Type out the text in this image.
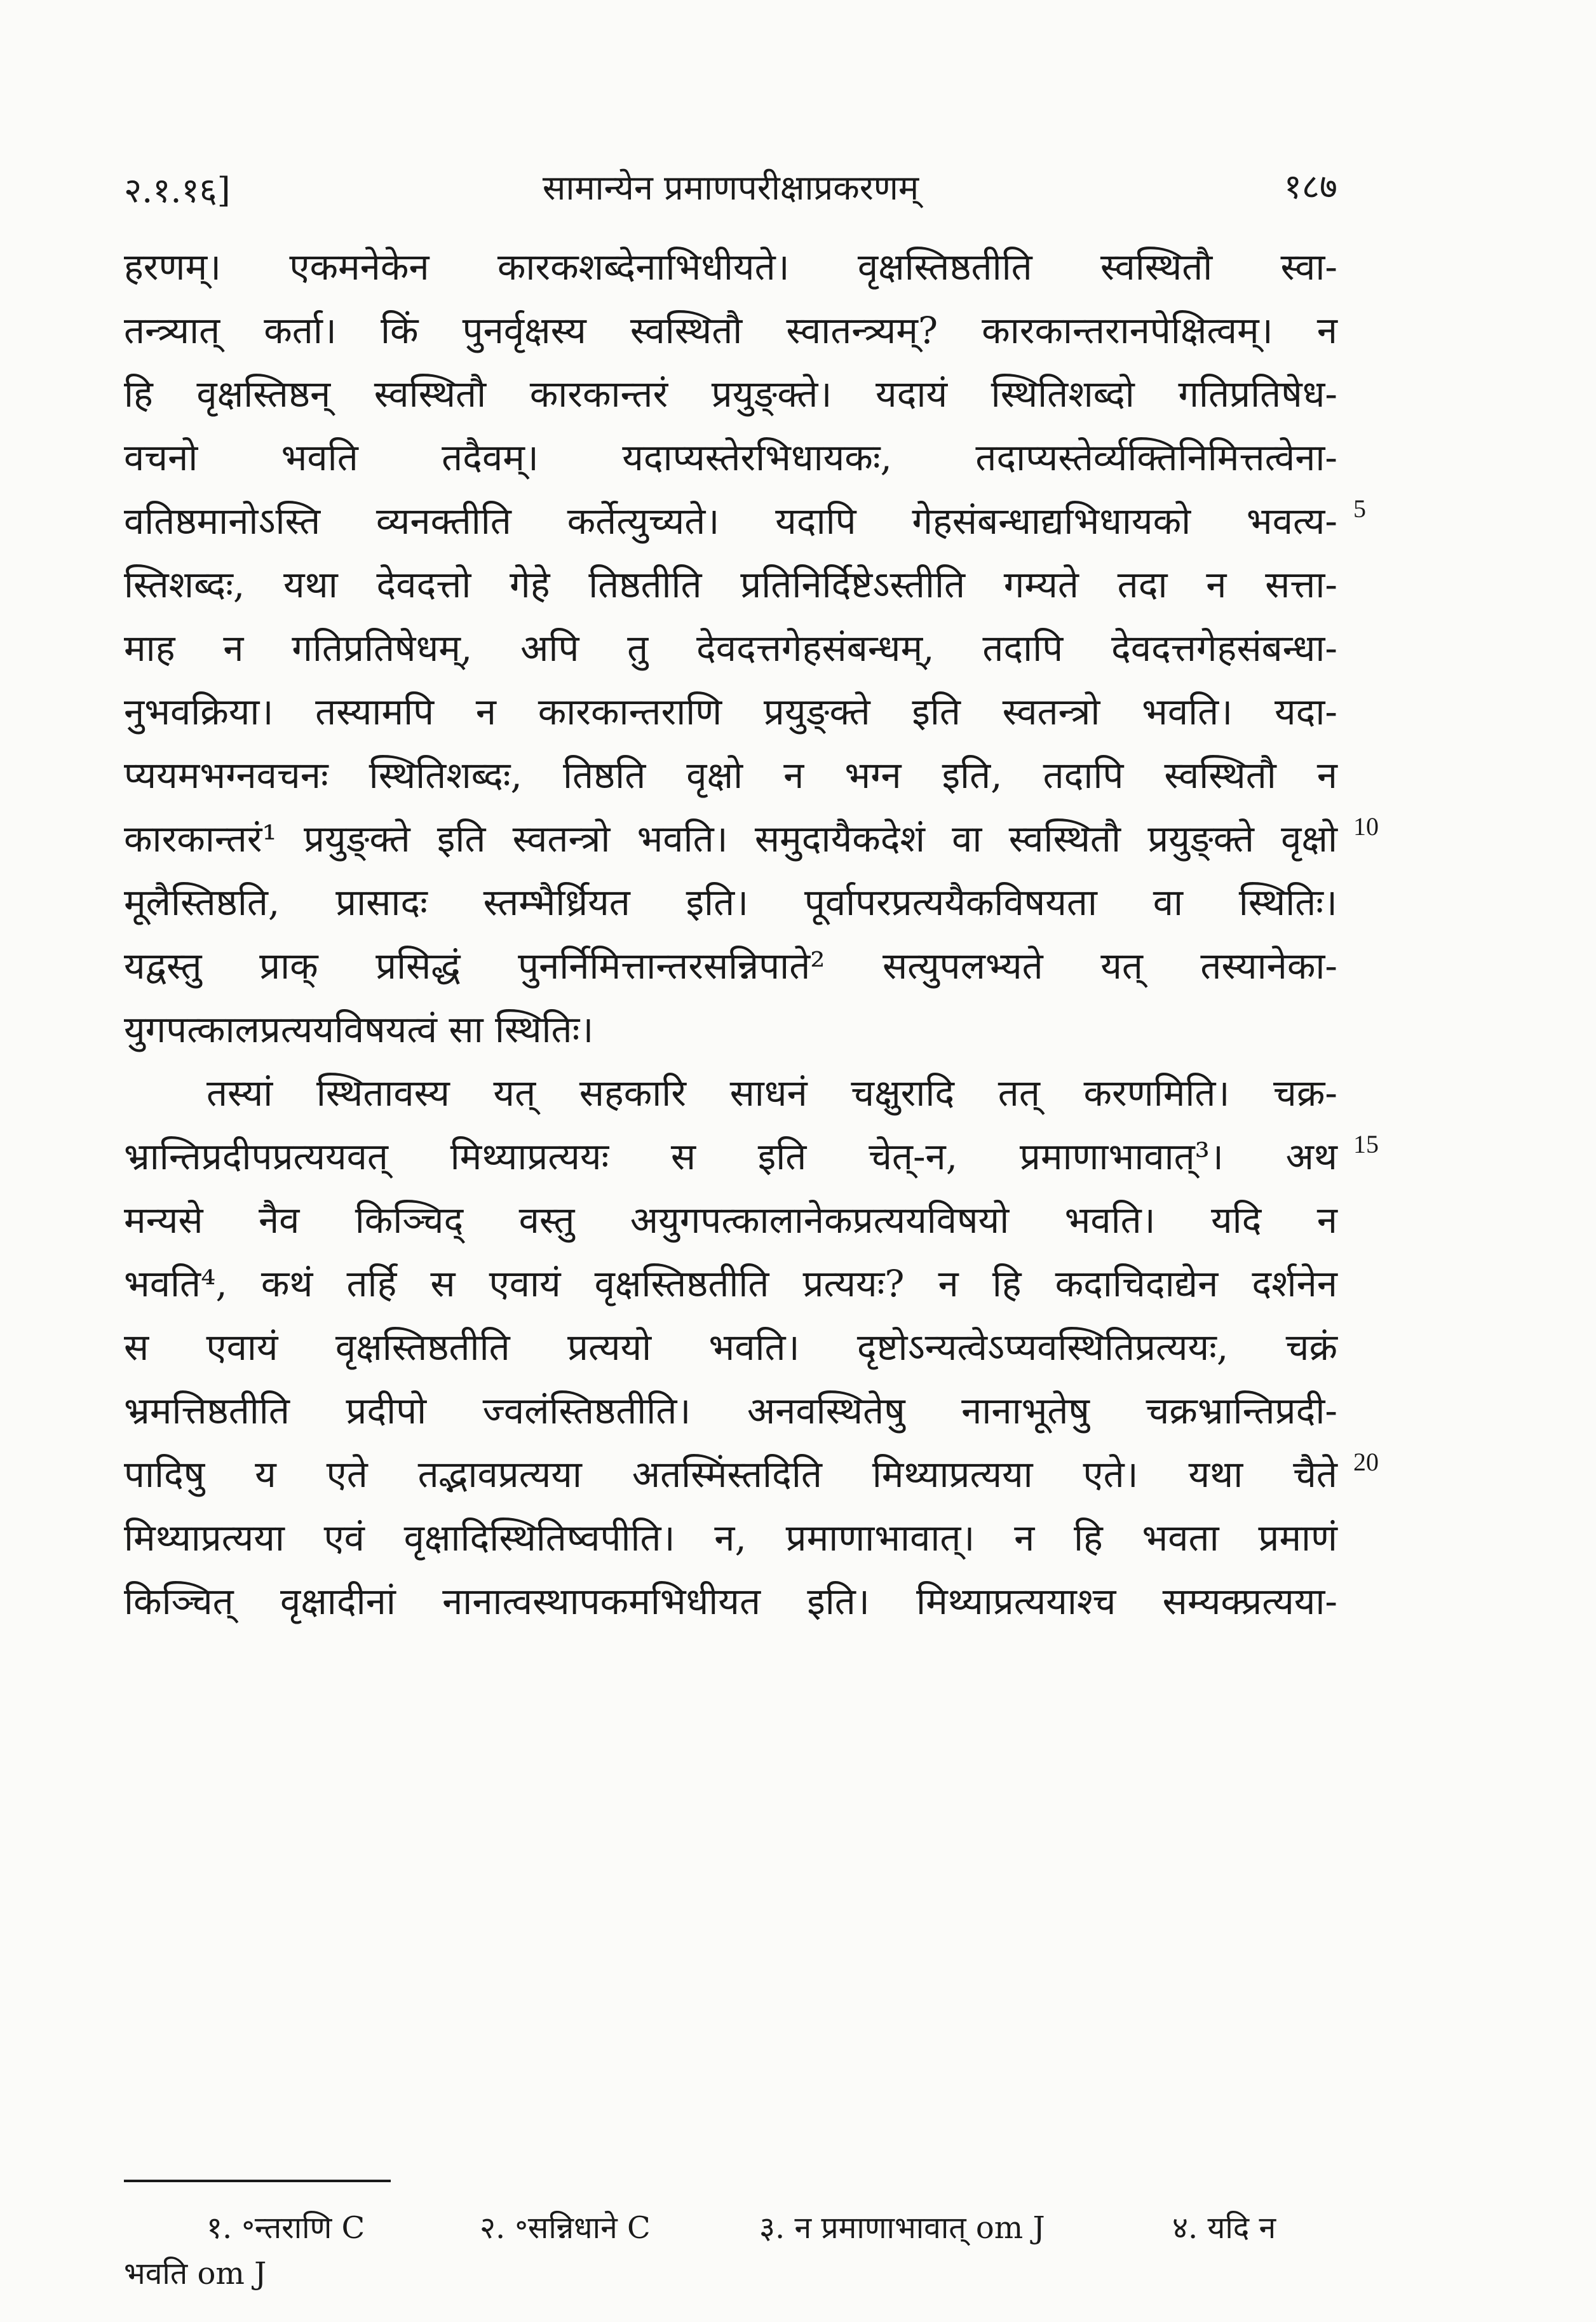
२.१.१६]	सामान्येन प्रमाणपरीक्षाप्रकरणम्	१८७
हरणम्। एकमनेकेन कारकशब्देनाभिधीयते। वृक्षस्तिष्ठतीति स्वस्थितौ स्वा-
तन्त्र्यात् कर्ता। किं पुनर्वृक्षस्य स्वस्थितौ स्वातन्त्र्यम्? कारकान्तरानपेक्षित्वम्। न
हि वृक्षस्तिष्ठन् स्वस्थितौ कारकान्तरं प्रयुङ्क्ते। यदायं स्थितिशब्दो गतिप्रतिषेध-
वचनो भवति तदैवम्। यदाप्यस्तेरभिधायकः, तदाप्यस्तेर्व्यक्तिनिमित्तत्वेना-
वतिष्ठमानोऽस्ति व्यनक्तीति कर्तेत्युच्यते। यदापि गेहसंबन्धाद्यभिधायको भवत्य-
स्तिशब्दः, यथा देवदत्तो गेहे तिष्ठतीति प्रतिनिर्दिष्टेऽस्तीति गम्यते तदा न सत्ता-
माह न गतिप्रतिषेधम्, अपि तु देवदत्तगेहसंबन्धम्, तदापि देवदत्तगेहसंबन्धा-
नुभवक्रिया। तस्यामपि न कारकान्तराणि प्रयुङ्क्ते इति स्वतन्त्रो भवति। यदा-
प्ययमभग्नवचनः स्थितिशब्दः, तिष्ठति वृक्षो न भग्न इति, तदापि स्वस्थितौ न
कारकान्तरं¹ प्रयुङ्क्ते इति स्वतन्त्रो भवति। समुदायैकदेशं वा स्वस्थितौ प्रयुङ्क्ते वृक्षो
मूलैस्तिष्ठति, प्रासादः स्तम्भैर्ध्रियत इति। पूर्वापरप्रत्ययैकविषयता वा स्थितिः।
यद्वस्तु प्राक् प्रसिद्धं पुनर्निमित्तान्तरसन्निपाते² सत्युपलभ्यते यत् तस्यानेका-
युगपत्कालप्रत्ययविषयत्वं सा स्थितिः।
तस्यां स्थितावस्य यत् सहकारि साधनं चक्षुरादि तत् करणमिति। चक्र-
भ्रान्तिप्रदीपप्रत्ययवत् मिथ्याप्रत्ययः स इति चेत्-न, प्रमाणाभावात्³। अथ
मन्यसे नैव किञ्चिद् वस्तु अयुगपत्कालानेकप्रत्ययविषयो भवति। यदि न
भवति⁴, कथं तर्हि स एवायं वृक्षस्तिष्ठतीति प्रत्ययः? न हि कदाचिदाद्येन दर्शनेन
स एवायं वृक्षस्तिष्ठतीति प्रत्ययो भवति। दृष्टोऽन्यत्वेऽप्यवस्थितिप्रत्ययः, चक्रं
भ्रमत्तिष्ठतीति प्रदीपो ज्वलंस्तिष्ठतीति। अनवस्थितेषु नानाभूतेषु चक्रभ्रान्तिप्रदी-
पादिषु य एते तद्भावप्रत्यया अतस्मिंस्तदिति मिथ्याप्रत्यया एते। यथा चैते
मिथ्याप्रत्यया एवं वृक्षादिस्थितिष्वपीति। न, प्रमाणाभावात्। न हि भवता प्रमाणं
किञ्चित् वृक्षादीनां नानात्वस्थापकमभिधीयत इति। मिथ्याप्रत्ययाश्च सम्यक्प्रत्यया-
5
10
15
20
१. ॰न्तराणि C	२. ॰सन्निधाने C	३. न प्रमाणाभावात् om J	४. यदि न
भवति om J
